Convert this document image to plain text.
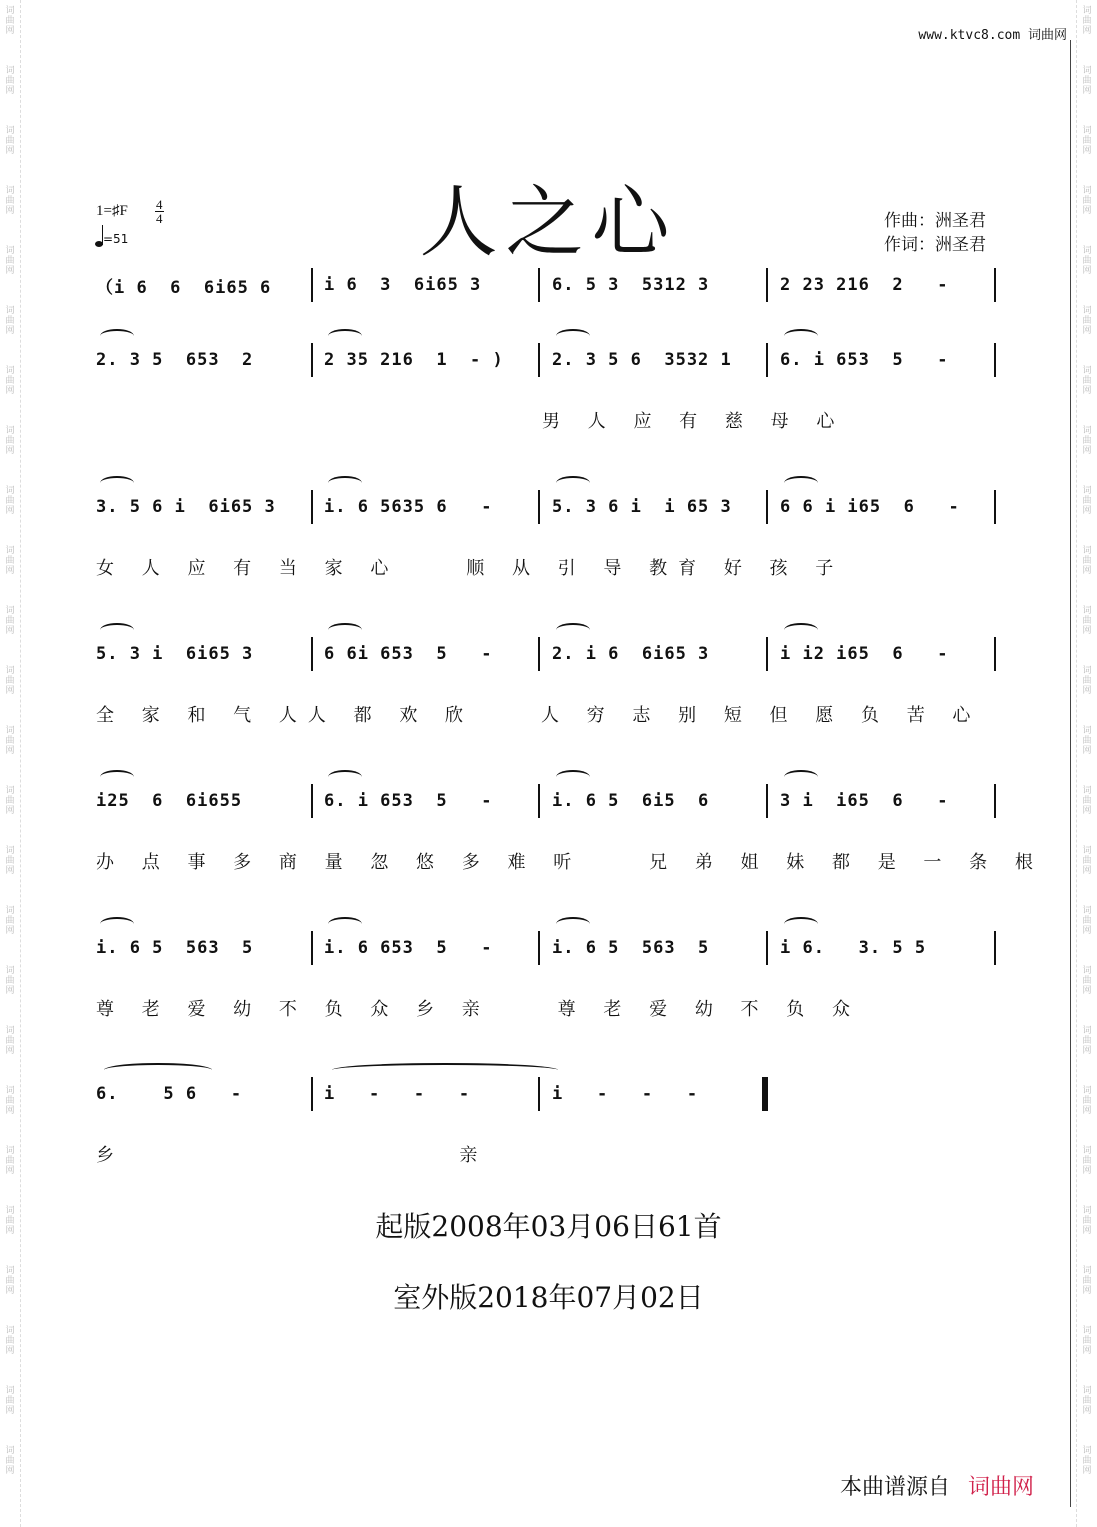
词
曲
网
词
曲
网
词
曲
网
词
曲
网
词
曲
网
词
曲
网
词
曲
网
词
曲
网
词
曲
网
词
曲
网
词
曲
网
词
曲
网
词
曲
网
词
曲
网
词
曲
网
词
曲
网
词
曲
网
词
曲
网
词
曲
网
词
曲
网
词
曲
网
词
曲
网
词
曲
网
词
曲
网
词
曲
网
词
曲
网
词
曲
网
词
曲
网
词
曲
网
词
曲
网
词
曲
网
词
曲
网
词
曲
网
词
曲
网
词
曲
网
词
曲
网
词
曲
网
词
曲
网
词
曲
网
词
曲
网
词
曲
网
词
曲
网
词
曲
网
词
曲
网
词
曲
网
词
曲
网
词
曲
网
词
曲
网
词
曲
网
词
曲
网
www.ktvc8.com 词曲网
人之心
1=♯F 4
4
=51
作曲：洲圣君
作词：洲圣君
（i 6  6  6i65 6	i 6  3  6i65 3	6. 5 3  5312 3	2 23 216  2   -
2. 3 5  653  2	2 35 216  1  - )	2. 3 5 6  3532 1	6. i 653  5   -
男 人 应 有 慈 母 心
3. 5 6 i  6i65 3	i. 6 5635 6   -	5. 3 6 i  i 65 3	6 6 i i65  6   -
女 人 应 有 当 家 心    顺 从 引 导 教育 好 孩 子
5. 3 i  6i65 3	6 6i 653  5   -	2. i 6  6i65 3	i i2 i65  6   -
全 家 和 气 人人 都 欢 欣    人 穷 志 别 短 但 愿 负 苦 心
i25  6  6i655	6. i 653  5   -	i. 6 5  6i5  6	3 i  i65  6   -
办 点 事 多 商 量 忽 悠 多 难 听    兄 弟 姐 妹 都 是 一 条 根
i. 6 5  563  5	i. 6 653  5   -	i. 6 5  563  5	i 6.   3. 5 5
尊 老 爱 幼 不 负 众 乡 亲    尊 老 爱 幼 不 负 众
6.    5 6   -	i   -   -   -	i   -   -   -
乡                    亲
起版2008年03月06日61首
室外版2018年07月02日
本曲谱源自 词曲网
